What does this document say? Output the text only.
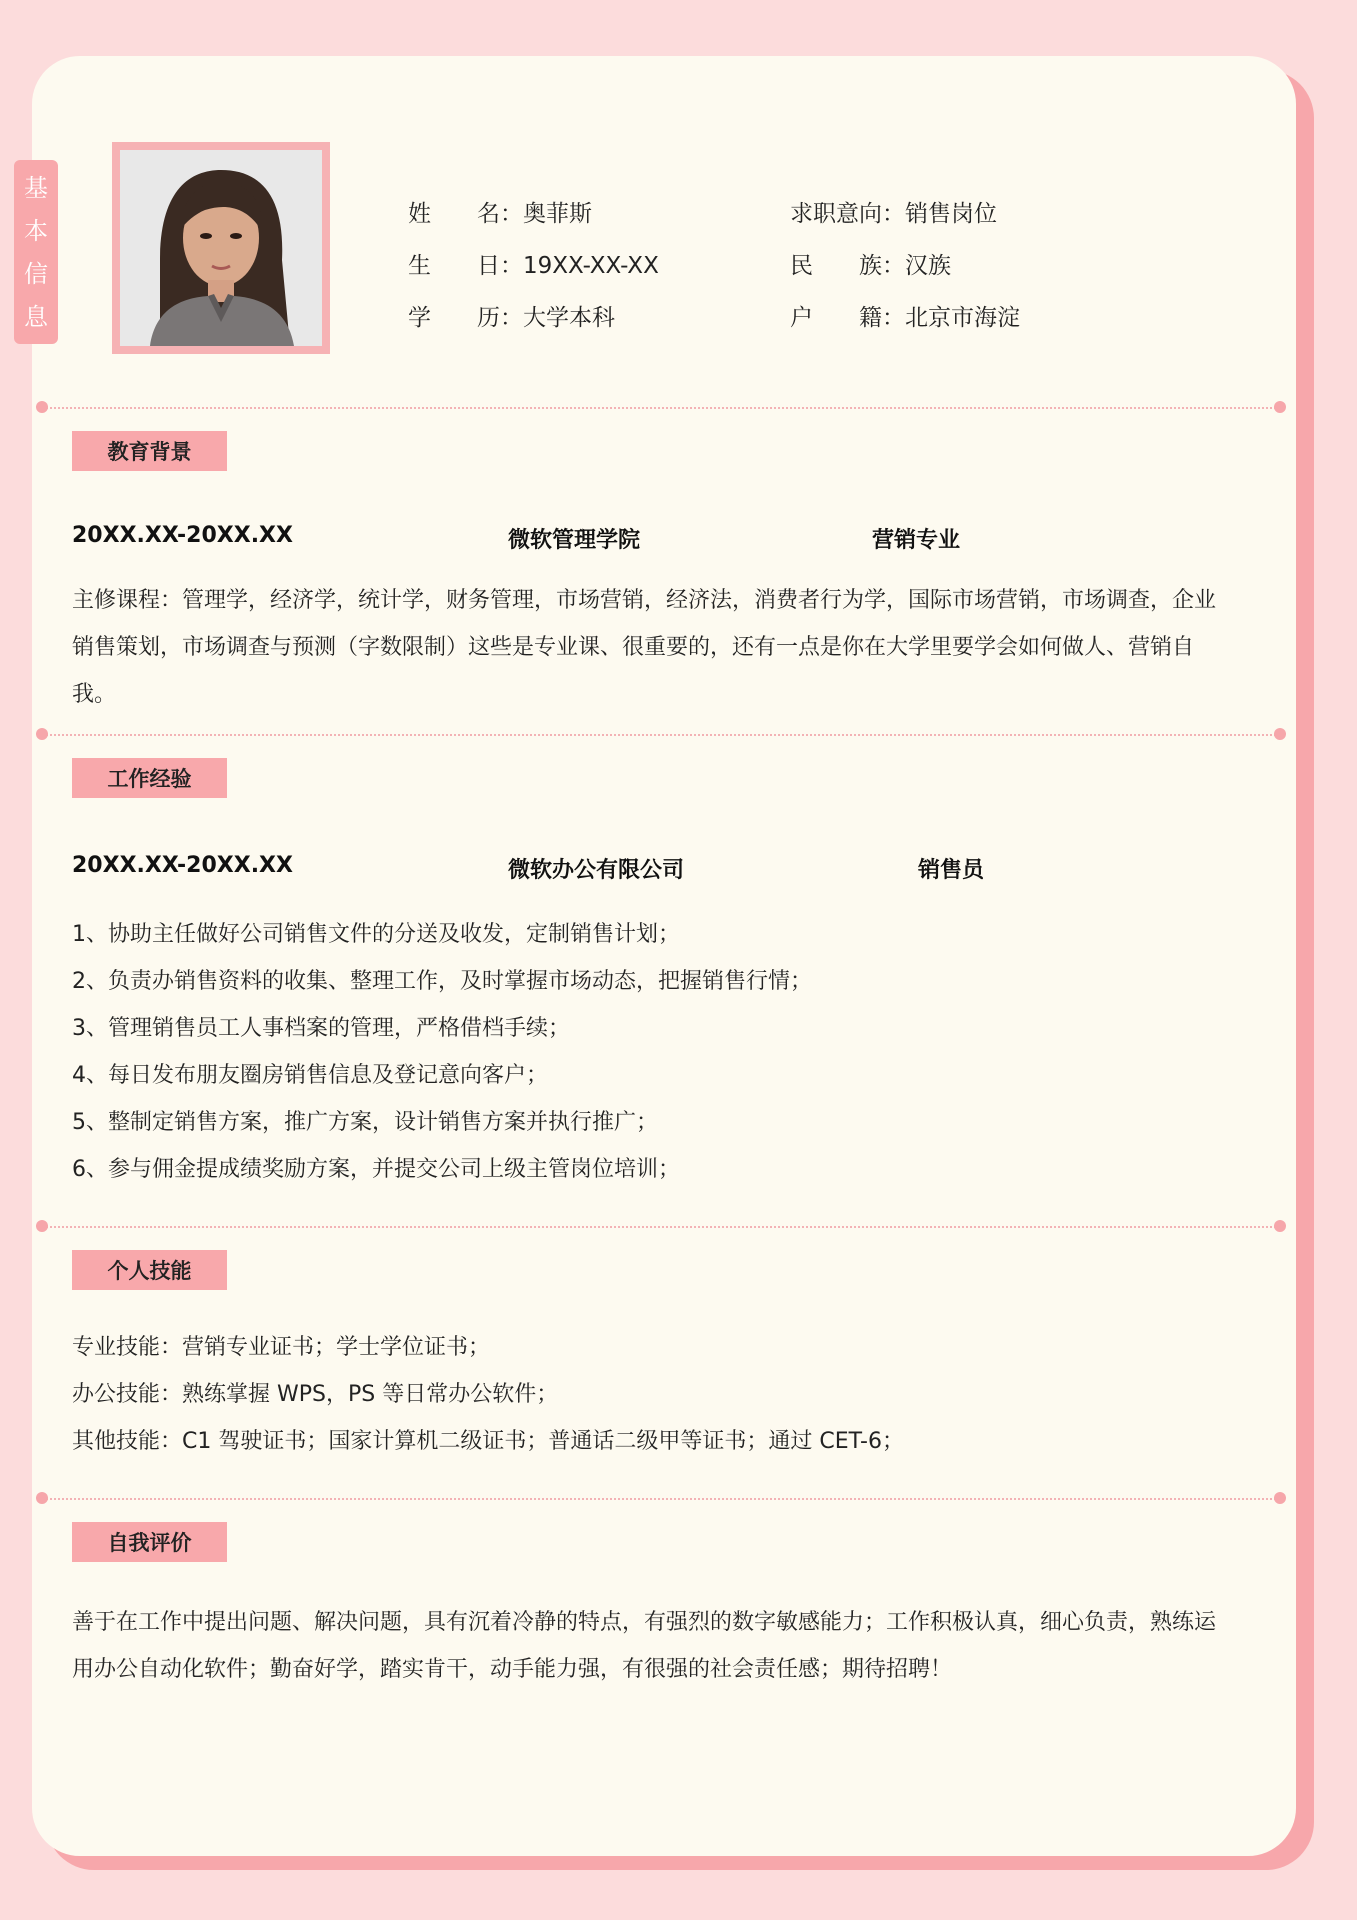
基
本
信
息
姓　　名：奥菲斯	求职意向：销售岗位
生　　日：19XX-XX-XX	民　　族：汉族
学　　历：大学本科	户　　籍：北京市海淀
教育背景
20XX.XX-20XX.XX	微软管理学院	营销专业
主修课程：管理学，经济学，统计学，财务管理，市场营销，经济法，消费者行为学，国际市场营销，市场调查，企业销售策划，市场调查与预测（字数限制）这些是专业课、很重要的，还有一点是你在大学里要学会如何做人、营销自我。
工作经验
20XX.XX-20XX.XX	微软办公有限公司	销售员
1、协助主任做好公司销售文件的分送及收发，定制销售计划；
2、负责办销售资料的收集、整理工作，及时掌握市场动态，把握销售行情；
3、管理销售员工人事档案的管理，严格借档手续；
4、每日发布朋友圈房销售信息及登记意向客户；
5、整制定销售方案，推广方案，设计销售方案并执行推广；
6、参与佣金提成绩奖励方案，并提交公司上级主管岗位培训；
个人技能
专业技能：营销专业证书；学士学位证书；
办公技能：熟练掌握 WPS，PS 等日常办公软件；
其他技能：C1 驾驶证书；国家计算机二级证书；普通话二级甲等证书；通过 CET-6；
自我评价
善于在工作中提出问题、解决问题，具有沉着冷静的特点，有强烈的数字敏感能力；工作积极认真，细心负责，熟练运用办公自动化软件；勤奋好学，踏实肯干，动手能力强，有很强的社会责任感；期待招聘！
